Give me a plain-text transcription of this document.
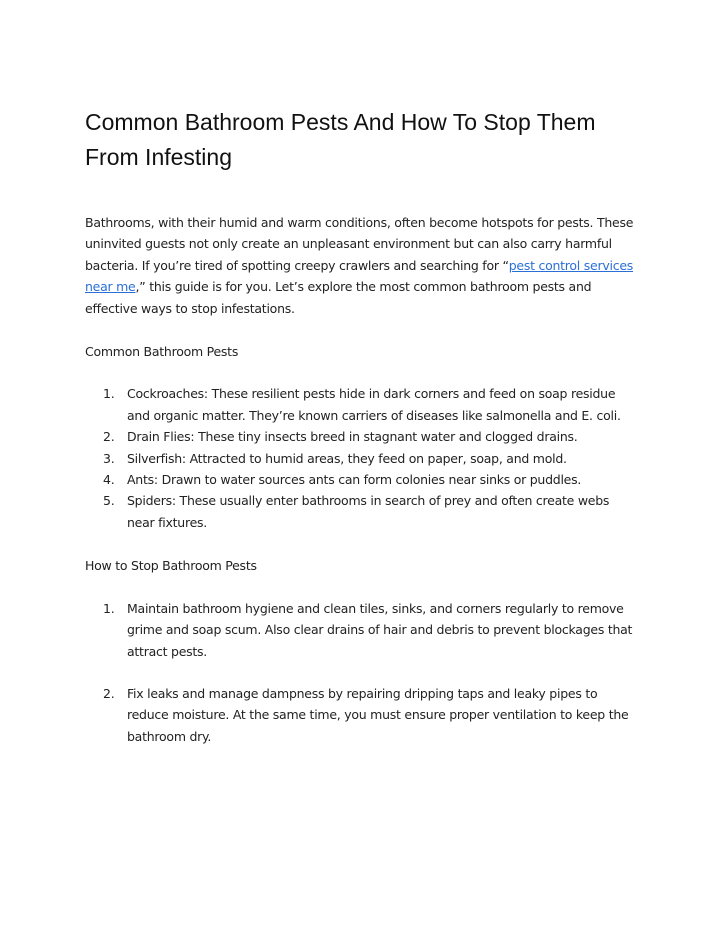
Common Bathroom Pests And How To Stop Them From Infesting

Bathrooms, with their humid and warm conditions, often become hotspots for pests. These uninvited guests not only create an unpleasant environment but can also carry harmful bacteria. If you’re tired of spotting creepy crawlers and searching for “pest control services near me,” this guide is for you. Let’s explore the most common bathroom pests and effective ways to stop infestations.

Common Bathroom Pests

1. Cockroaches: These resilient pests hide in dark corners and feed on soap residue and organic matter. They’re known carriers of diseases like salmonella and E. coli.
2. Drain Flies: These tiny insects breed in stagnant water and clogged drains.
3. Silverfish: Attracted to humid areas, they feed on paper, soap, and mold.
4. Ants: Drawn to water sources ants can form colonies near sinks or puddles.
5. Spiders: These usually enter bathrooms in search of prey and often create webs near fixtures.

How to Stop Bathroom Pests

1. Maintain bathroom hygiene and clean tiles, sinks, and corners regularly to remove grime and soap scum. Also clear drains of hair and debris to prevent blockages that attract pests.
2. Fix leaks and manage dampness by repairing dripping taps and leaky pipes to reduce moisture. At the same time, you must ensure proper ventilation to keep the bathroom dry.
